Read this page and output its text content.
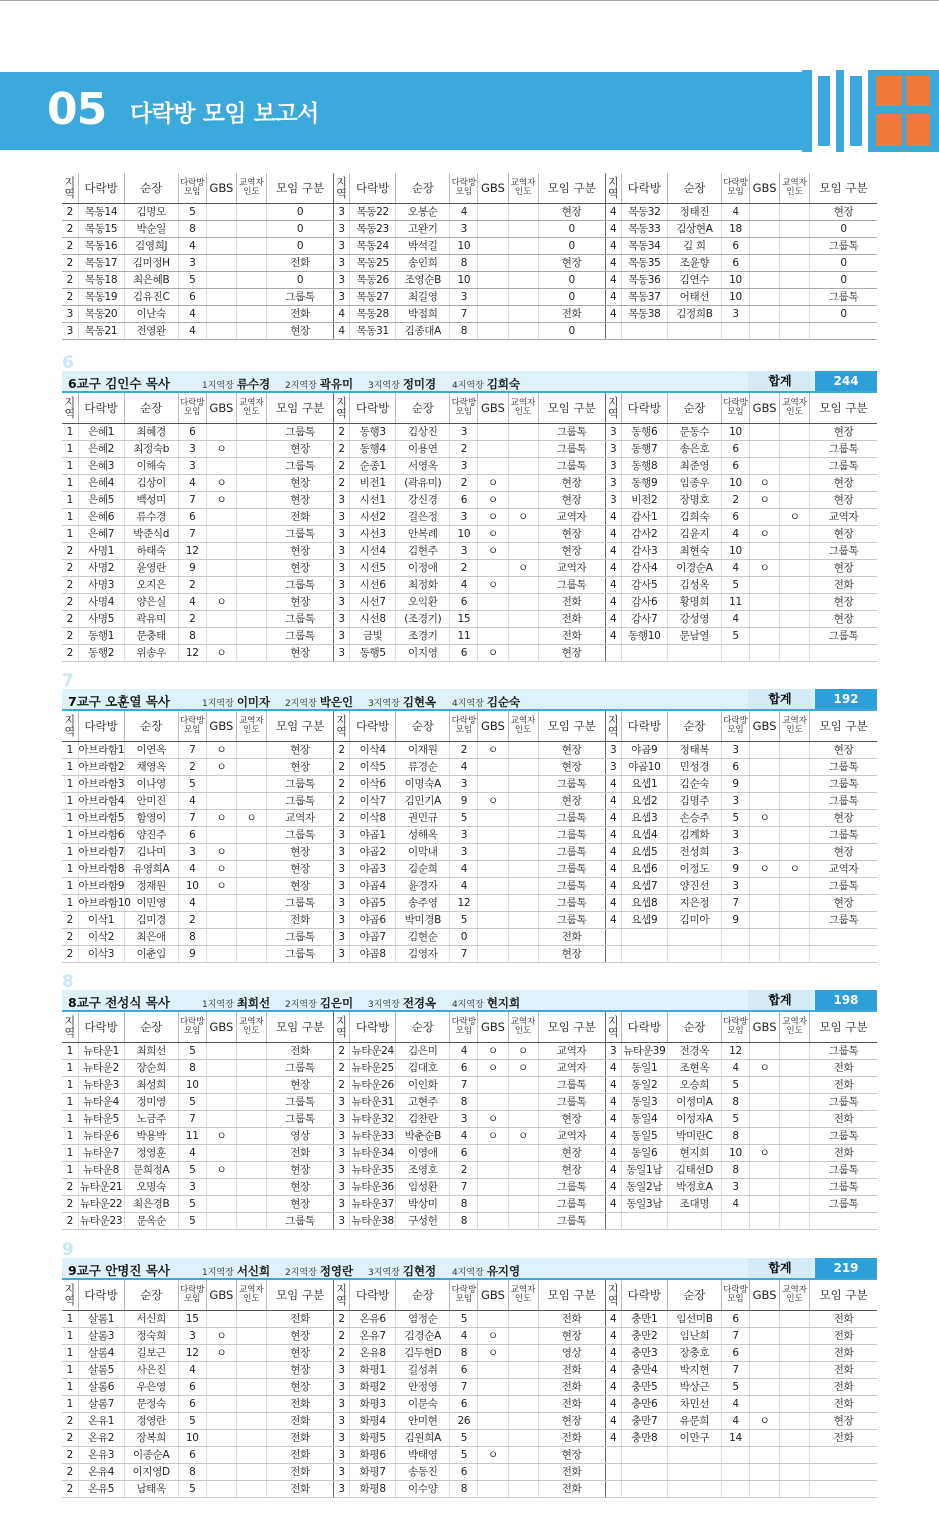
05 다락방 모임 보고서
지역	다락방	순장	다락방 모임	GBS	교역자 인도	모임 구분	지역	다락방	순장	다락방 모임	GBS	교역자 인도	모임 구분	지역	다락방	순장	다락방 모임	GBS	교역자 인도	모임 구분
2	목동14	김명모	5			0	3	목동22	오봉순	4			현장	4	목동32	정태진	4			현장
2	목동15	박순일	8			0	3	목동23	고완기	3			0	4	목동33	김상현A	18			0
2	목동16	김영희J	4			0	3	목동24	박석길	10			0	4	목동34	김 희	6			그룹톡
2	목동17	김미정H	3			전화	3	목동25	송인희	8			현장	4	목동35	조윤향	6			0
2	목동18	최은혜B	5			0	3	목동26	조영순B	10			0	4	목동36	김연수	10			0
2	목동19	김유진C	6			그룹톡	3	목동27	최길영	3			0	4	목동37	어태선	10			그룹톡
3	목동20	이난숙	4			전화	4	목동28	박점희	7			전화	4	목동38	김정희B	3			0
3	목동21	전영완	4			현장	4	목동31	김종대A	8			0							
6
6교구 김인수 목사	1지역장 류수경 2지역장 곽유미 3지역장 정미경 4지역장 김희숙	합계	244
지역	다락방	순장	다락방 모임	GBS	교역자 인도	모임 구분	지역	다락방	순장	다락방 모임	GBS	교역자 인도	모임 구분	지역	다락방	순장	다락방 모임	GBS	교역자 인도	모임 구분
1	은혜1	최혜경	6			그룹톡	2	동행3	김상진	3			그룹톡	3	동행6	문동수	10			현장
1	은혜2	최정숙b	3	ㅇ		현장	2	동행4	이용연	2			그룹톡	3	동행7	송은호	6			그룹톡
1	은혜3	이해숙	3			그룹톡	2	순종1	서영옥	3			그룹톡	3	동행8	최준영	6			그룹톡
1	은혜4	김상이	4	ㅇ		현장	2	비전1	(곽유미)	2	ㅇ		현장	3	동행9	임종우	10	ㅇ		현장
1	은혜5	백성미	7	ㅇ		현장	3	시선1	강신경	6	ㅇ		현장	3	비전2	장명호	2	ㅇ		현장
1	은혜6	류수경	6			전화	3	시선2	길은정	3	ㅇ	ㅇ	교역자	4	감사1	김희숙	6		ㅇ	교역자
1	은혜7	박준식d	7			그룹톡	3	시선3	안복례	10	ㅇ		현장	4	감사2	김윤지	4	ㅇ		현장
2	사명1	하태숙	12			현장	3	시선4	김현주	3	ㅇ		현장	4	감사3	최현숙	10			그룹톡
2	사명2	윤영란	9			현장	3	시선5	이정애	2		ㅇ	교역자	4	감사4	이경순A	4	ㅇ		현장
2	사명3	오지은	2			그룹톡	3	시선6	최정화	4	ㅇ		그룹톡	4	감사5	김성옥	5			전화
2	사명4	양은실	4	ㅇ		현장	3	시선7	오익환	6			전화	4	감사6	황명희	11			현장
2	사명5	곽유미	2			그룹톡	3	시선8	(조경기)	15			전화	4	감사7	강성영	4			현장
2	동행1	문충태	8			그룹톡	3	금빛	조경기	11			전화	4	동행10	문남열	5			그룹톡
2	동행2	위송우	12	ㅇ		현장	3	동행5	이지영	6	ㅇ		현장							
7
7교구 오훈열 목사	1지역장 이미자 2지역장 박은인 3지역장 김현옥 4지역장 김순숙	합계	192
지역	다락방	순장	다락방 모임	GBS	교역자 인도	모임 구분	지역	다락방	순장	다락방 모임	GBS	교역자 인도	모임 구분	지역	다락방	순장	다락방 모임	GBS	교역자 인도	모임 구분
1	아브라함1	이연옥	7	ㅇ		현장	2	이삭4	이재원	2	ㅇ		현장	3	야곱9	정태복	3			현장
1	아브라함2	채영옥	2	ㅇ		현장	2	이삭5	류경순	4			현장	3	야곱10	민성경	6			그룹톡
1	아브라함3	이나영	5			그룹톡	2	이삭6	이명숙A	3			그룹톡	4	요셉1	김순숙	9			그룹톡
1	아브라함4	안미진	4			그룹톡	2	이삭7	김민기A	9	ㅇ		현장	4	요셉2	김명주	3			그룹톡
1	아브라함5	함영이	7	ㅇ	ㅇ	교역자	2	이삭8	권민규	5			그룹톡	4	요셉3	손승주	5	ㅇ		현장
1	아브라함6	양진주	6			그룹톡	3	야곱1	성해옥	3			그룹톡	4	요셉4	김계화	3			그룹톡
1	아브라함7	김나미	3	ㅇ		현장	3	야곱2	이막내	3			그룹톡	4	요셉5	전성희	3			현장
1	아브라함8	유영희A	4	ㅇ		현장	3	야곱3	김순희	4			그룹톡	4	요셉6	이정도	9	ㅇ	ㅇ	교역자
1	아브라함9	정재원	10	ㅇ		현장	3	야곱4	윤경자	4			그룹톡	4	요셉7	양진선	3			그룹톡
1	아브라함10	이민영	4			그룹톡	3	야곱5	송주영	12			그룹톡	4	요셉8	지은정	7			현장
2	이삭1	김미경	2			전화	3	야곱6	박미경B	5			그룹톡	4	요셉9	김미아	9			그룹톡
2	이삭2	최은애	8			그룹톡	3	야곱7	김현순	0			전화							
2	이삭3	이춘임	9			그룹톡	3	야곱8	김영자	7			현장							
8
8교구 전성식 목사	1지역장 최희선 2지역장 김은미 3지역장 전경옥 4지역장 현지희	합계	198
지역	다락방	순장	다락방 모임	GBS	교역자 인도	모임 구분	지역	다락방	순장	다락방 모임	GBS	교역자 인도	모임 구분	지역	다락방	순장	다락방 모임	GBS	교역자 인도	모임 구분
1	뉴타운1	최희선	5			전화	2	뉴타운24	김은미	4	ㅇ	ㅇ	교역자	3	뉴타운39	전경옥	12			그룹톡
1	뉴타운2	장순희	8			그룹톡	2	뉴타운25	김대호	6	ㅇ	ㅇ	교역자	4	동일1	조현옥	4	ㅇ		전화
1	뉴타운3	최성희	10			현장	2	뉴타운26	이인화	7			그룹톡	4	동일2	오승희	5			전화
1	뉴타운4	정미영	5			그룹톡	3	뉴타운31	고현주	8			그룹톡	4	동일3	이성미A	8			그룹톡
1	뉴타운5	노금주	7			그룹톡	3	뉴타운32	김찬란	3	ㅇ		현장	4	동일4	이성자A	5			전화
1	뉴타운6	박용박	11	ㅇ		영상	3	뉴타운33	박춘순B	4	ㅇ	ㅇ	교역자	4	동일5	박미란C	8			그룹톡
1	뉴타운7	정영훈	4			전화	3	뉴타운34	이영애	6			현장	4	동일6	현지희	10	ㅇ		전화
1	뉴타운8	문희정A	5	ㅇ		현장	3	뉴타운35	조영호	2			현장	4	동일1남	김태선D	8			그룹톡
2	뉴타운21	오명숙	3			현장	3	뉴타운36	임성환	7			그룹톡	4	동일2남	박정호A	3			그룹톡
2	뉴타운22	최은경B	5			현장	3	뉴타운37	박상미	8			그룹톡	4	동일3남	조대명	4			그룹톡
2	뉴타운23	문옥순	5			그룹톡	3	뉴타운38	구성헌	8			그룹톡							
9
9교구 안명진 목사	1지역장 서신희 2지역장 정영란 3지역장 김현정 4지역장 유지영	합계	219
지역	다락방	순장	다락방 모임	GBS	교역자 인도	모임 구분	지역	다락방	순장	다락방 모임	GBS	교역자 인도	모임 구분	지역	다락방	순장	다락방 모임	GBS	교역자 인도	모임 구분
1	살롬1	서신희	15			전화	2	온유6	염정순	5			전화	4	충만1	임선미B	6			전화
1	살롬3	정숙희	3	ㅇ		현장	2	온유7	김경순A	4	ㅇ		현장	4	충만2	임난희	7			전화
1	살롬4	길보근	12	ㅇ		현장	2	온유8	김두현D	8	ㅇ		영상	4	충만3	장충호	6			전화
1	살롬5	사은진	4			현장	3	화평1	길성취	6			전화	4	충만4	박지현	7			전화
1	살롬6	우은영	6			현장	3	화평2	안정영	7			전화	4	충만5	박상근	5			전화
1	살롬7	문정숙	6			전화	3	화평3	이문숙	6			전화	4	충만6	차민선	4			전화
2	온유1	정영란	5			전화	3	화평4	안미현	26			현장	4	충만7	유문희	4	ㅇ		현장
2	온유2	장복희	10			전화	3	화평5	김원희A	5			전화	4	충만8	이만구	14			전화
2	온유3	이종순A	6			전화	3	화평6	박태영	5	ㅇ		현장							
2	온유4	이지영D	8			전화	3	화평7	송동진	6			전화							
2	온유5	남태옥	5			전화	3	화평8	이수양	8			전화							
